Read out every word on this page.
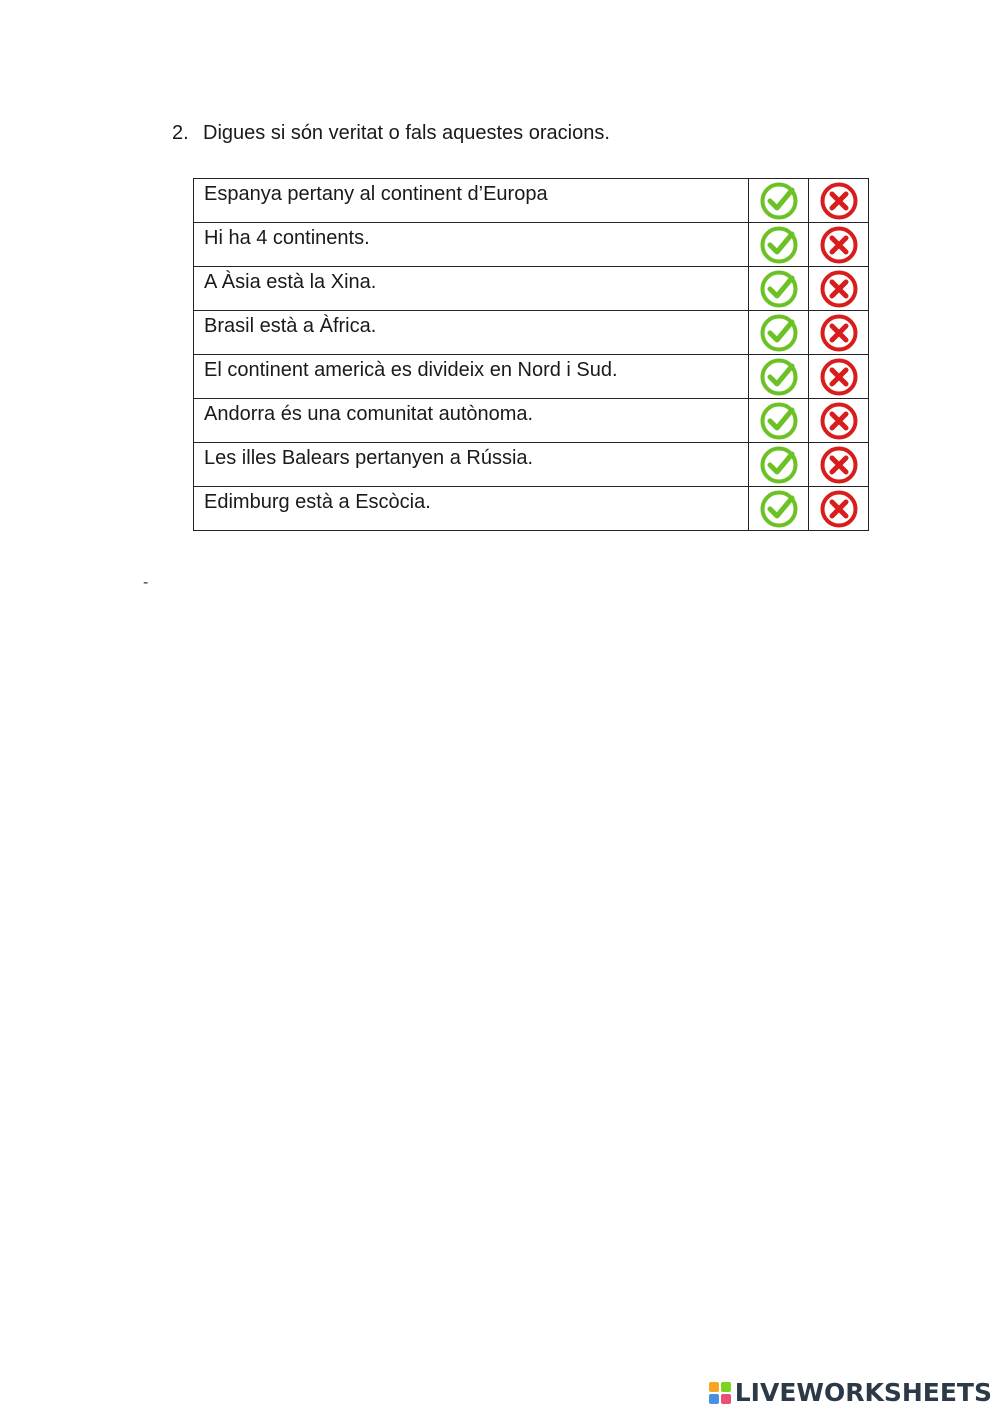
2. Digues si són veritat o fals aquestes oracions.
Espanya pertany al continent d’Europa	

Hi ha 4 continents.	

A Àsia està la Xina.	

Brasil està a Àfrica.	

El continent americà es divideix en Nord i Sud.	

Andorra és una comunitat autònoma.	

Les illes Balears pertanyen a Rússia.	

Edimburg està a Escòcia.	

-
LIVEWORKSHEETS
